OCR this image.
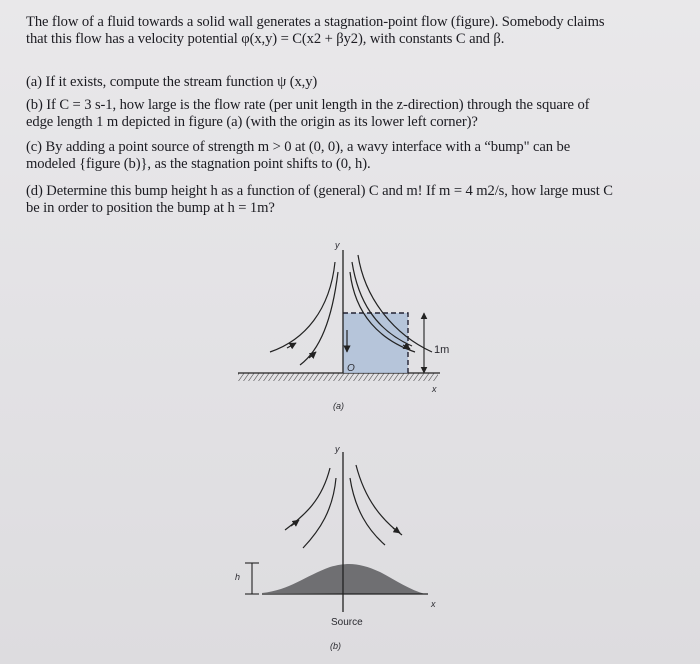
The flow of a fluid towards a solid wall generates a stagnation-point flow (figure). Somebody claims
that this flow has a velocity potential φ(x,y) = C(x2 + βy2), with constants C and β.
(a) If it exists, compute the stream function ψ (x,y)
(b) If C = 3 s-1, how large is the flow rate (per unit length in the z-direction) through the square of
edge length 1 m depicted in figure (a) (with the origin as its lower left corner)?
(c) By adding a point source of strength m > 0 at (0, 0), a wavy interface with a “bump" can be
modeled {figure (b)}, as the stagnation point shifts to (0, h).
(d) Determine this bump height h as a function of (general) C and m! If m = 4 m2/s, how large must C
be in order to position the bump at h = 1m?
y
O
1m
x
(a)
y
h
x
Source
(b)
